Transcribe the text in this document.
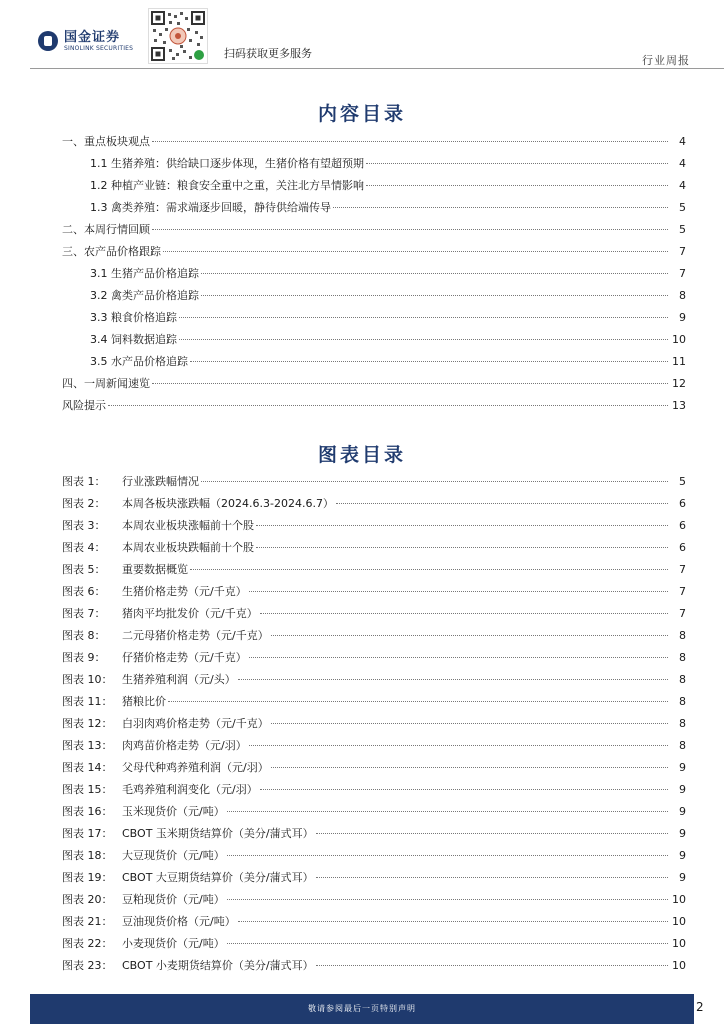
国金证券
SINOLINK SECURITIES	扫码获取更多服务
行业周报
内容目录
一、重点板块观点	4
1.1 生猪养殖：供给缺口逐步体现，生猪价格有望超预期	4
1.2 种植产业链：粮食安全重中之重，关注北方旱情影响	4
1.3 禽类养殖：需求端逐步回暖，静待供给端传导	5
二、本周行情回顾	5
三、农产品价格跟踪	7
3.1 生猪产品价格追踪	7
3.2 禽类产品价格追踪	8
3.3 粮食价格追踪	9
3.4 饲料数据追踪	10
3.5 水产品价格追踪	11
四、一周新闻速览	12
风险提示	13
图表目录
图表 1：	行业涨跌幅情况	5
图表 2：	本周各板块涨跌幅（2024.6.3-2024.6.7）	6
图表 3：	本周农业板块涨幅前十个股	6
图表 4：	本周农业板块跌幅前十个股	6
图表 5：	重要数据概览	7
图表 6：	生猪价格走势（元/千克）	7
图表 7：	猪肉平均批发价（元/千克）	7
图表 8：	二元母猪价格走势（元/千克）	8
图表 9：	仔猪价格走势（元/千克）	8
图表 10： 生猪养殖利润（元/头）	8
图表 11： 猪粮比价	8
图表 12： 白羽肉鸡价格走势（元/千克）	8
图表 13： 肉鸡苗价格走势（元/羽）	8
图表 14： 父母代种鸡养殖利润（元/羽）	9
图表 15： 毛鸡养殖利润变化（元/羽）	9
图表 16： 玉米现货价（元/吨）	9
图表 17： CBOT 玉米期货结算价（美分/蒲式耳）	9
图表 18： 大豆现货价（元/吨）	9
图表 19： CBOT 大豆期货结算价（美分/蒲式耳）	9
图表 20： 豆粕现货价（元/吨）	10
图表 21： 豆油现货价格（元/吨）	10
图表 22： 小麦现货价（元/吨）	10
图表 23： CBOT 小麦期货结算价（美分/蒲式耳）	10
敬请参阅最后一页特别声明	2
